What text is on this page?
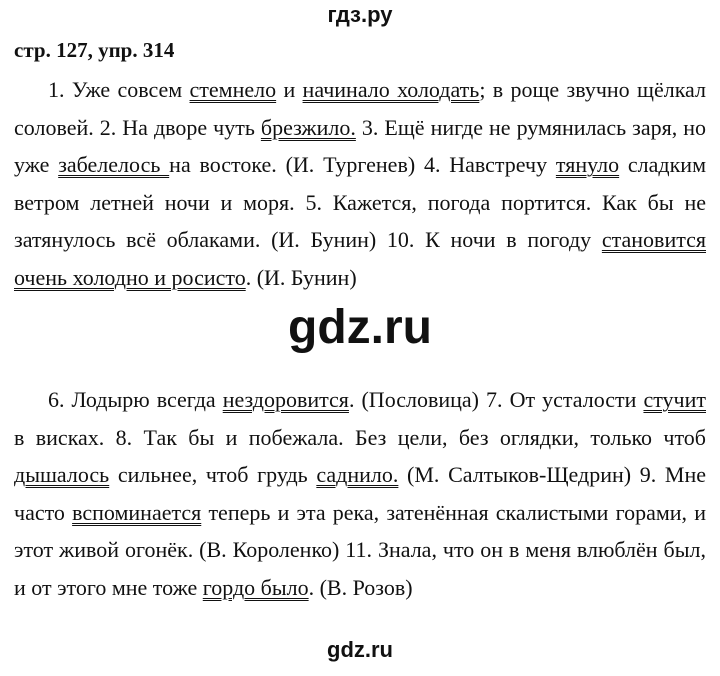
гдз.ру
стр. 127, упр. 314

1. Уже совсем стемнело и начинало холодать; в роще звучно щёлкал соловей. 2. На дворе чуть брезжило. 3. Ещё нигде не румянилась заря, но уже забелелось на востоке. (И. Тургенев) 4. Навстречу тянуло сладким ветром летней ночи и моря. 5. Кажется, погода портится. Как бы не затянулось всё облаками. (И. Бунин) 10. К ночи в погоду становится очень холодно и росисто. (И. Бунин)

gdz.ru

6. Лодырю всегда нездоровится. (Пословица) 7. От усталости стучит в висках. 8. Так бы и побежала. Без цели, без оглядки, только чтоб дышалось сильнее, чтоб грудь саднило. (М. Салтыков-Щедрин) 9. Мне часто вспоминается теперь и эта река, затенённая скалистыми горами, и этот живой огонёк. (В. Короленко) 11. Знала, что он в меня влюблён был, и от этого мне тоже гордо было. (В. Розов)

gdz.ru
